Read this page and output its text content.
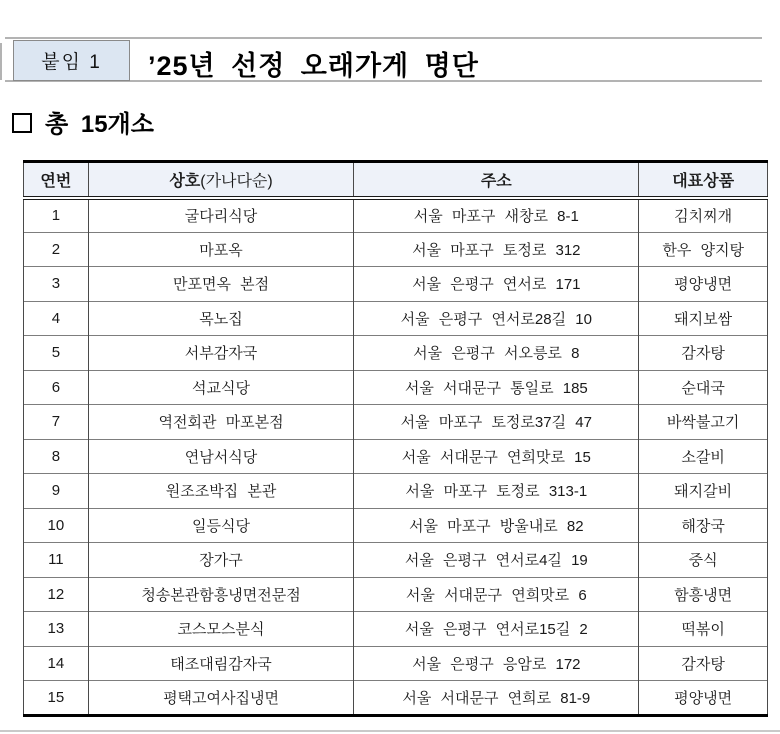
붙임 1 ’25년 선정 오래가게 명단
총 15개소
연번	상호(가나다순)	주소	대표상품
1	굴다리식당	서울 마포구 새창로 8-1	김치찌개
2	마포옥	서울 마포구 토정로 312	한우 양지탕
3	만포면옥 본점	서울 은평구 연서로 171	평양냉면
4	목노집	서울 은평구 연서로28길 10	돼지보쌈
5	서부감자국	서울 은평구 서오릉로 8	감자탕
6	석교식당	서울 서대문구 통일로 185	순대국
7	역전회관 마포본점	서울 마포구 토정로37길 47	바싹불고기
8	연남서식당	서울 서대문구 연희맛로 15	소갈비
9	원조조박집 본관	서울 마포구 토정로 313-1	돼지갈비
10	일등식당	서울 마포구 방울내로 82	해장국
11	장가구	서울 은평구 연서로4길 19	중식
12	청송본관함흥냉면전문점	서울 서대문구 연희맛로 6	함흥냉면
13	코스모스분식	서울 은평구 연서로15길 2	떡볶이
14	태조대림감자국	서울 은평구 응암로 172	감자탕
15	평택고여사집냉면	서울 서대문구 연희로 81-9	평양냉면
